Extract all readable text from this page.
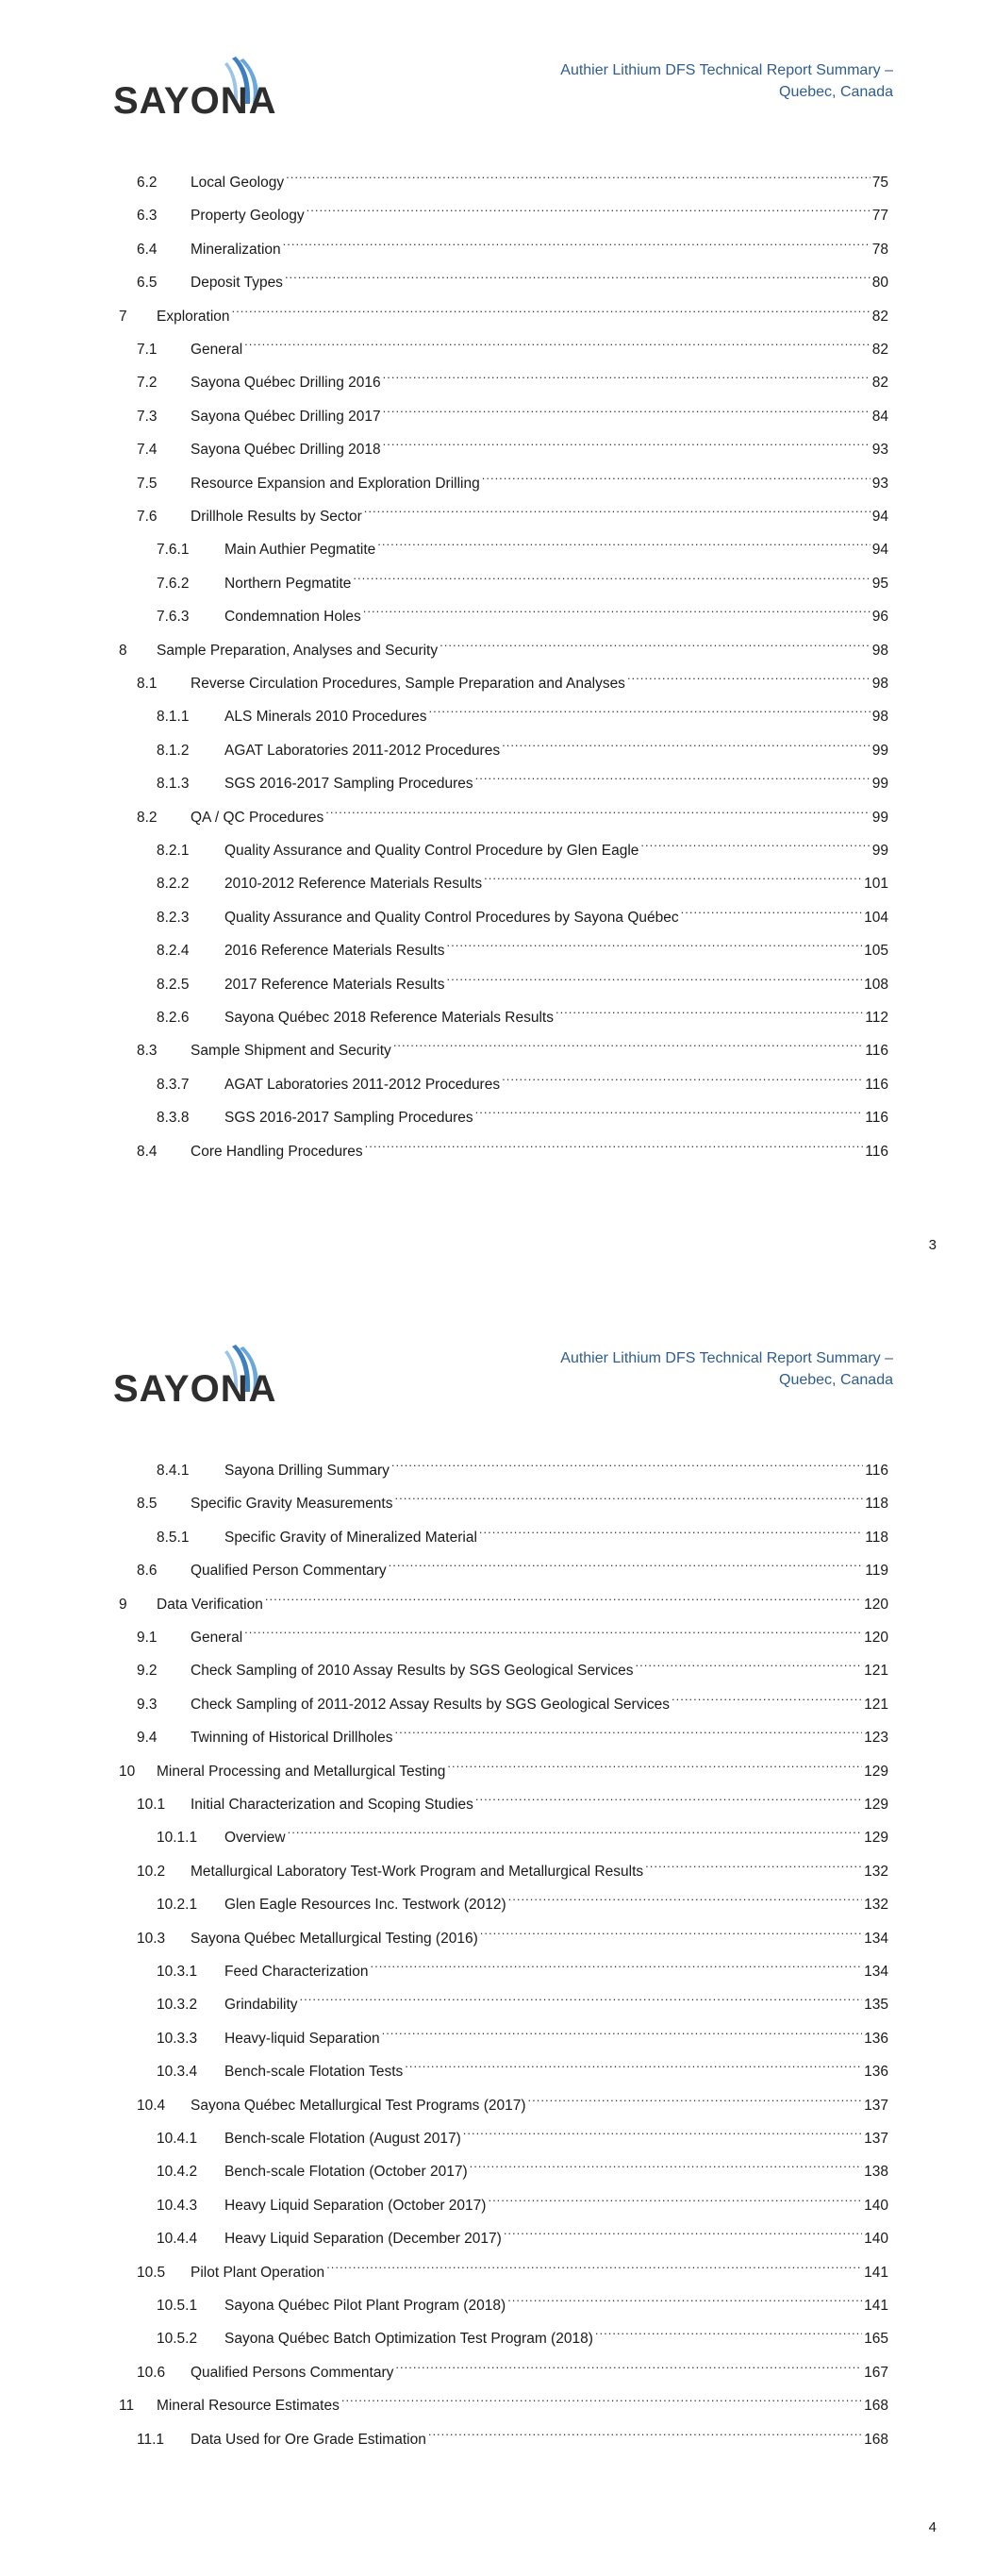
SAYONA
Authier Lithium DFS Technical Report Summary –
Quebec, Canada
6.2	Local Geology .....	75
6.3	Property Geology .....	77
6.4	Mineralization .....	78
6.5	Deposit Types .....	80
7	Exploration .....	82
7.1	General .....	82
7.2	Sayona Québec Drilling 2016 .....	82
7.3	Sayona Québec Drilling 2017 .....	84
7.4	Sayona Québec Drilling 2018 .....	93
7.5	Resource Expansion and Exploration Drilling .....	93
7.6	Drillhole Results by Sector .....	94
7.6.1	Main Authier Pegmatite .....	94
7.6.2	Northern Pegmatite .....	95
7.6.3	Condemnation Holes .....	96
8	Sample Preparation, Analyses and Security .....	98
8.1	Reverse Circulation Procedures, Sample Preparation and Analyses .....	98
8.1.1	ALS Minerals 2010 Procedures .....	98
8.1.2	AGAT Laboratories 2011-2012 Procedures .....	99
8.1.3	SGS 2016-2017 Sampling Procedures .....	99
8.2	QA / QC Procedures .....	99
8.2.1	Quality Assurance and Quality Control Procedure by Glen Eagle .....	99
8.2.2	2010-2012 Reference Materials Results .....	101
8.2.3	Quality Assurance and Quality Control Procedures by Sayona Québec .....	104
8.2.4	2016 Reference Materials Results .....	105
8.2.5	2017 Reference Materials Results .....	108
8.2.6	Sayona Québec 2018 Reference Materials Results .....	112
8.3	Sample Shipment and Security .....	116
8.3.7	AGAT Laboratories 2011-2012 Procedures .....	116
8.3.8	SGS 2016-2017 Sampling Procedures .....	116
8.4	Core Handling Procedures .....	116
3
SAYONA
Authier Lithium DFS Technical Report Summary –
Quebec, Canada
8.4.1	Sayona Drilling Summary .....	116
8.5	Specific Gravity Measurements .....	118
8.5.1	Specific Gravity of Mineralized Material .....	118
8.6	Qualified Person Commentary .....	119
9	Data Verification .....	120
9.1	General .....	120
9.2	Check Sampling of 2010 Assay Results by SGS Geological Services .....	121
9.3	Check Sampling of 2011-2012 Assay Results by SGS Geological Services .....	121
9.4	Twinning of Historical Drillholes .....	123
10	Mineral Processing and Metallurgical Testing .....	129
10.1	Initial Characterization and Scoping Studies .....	129
10.1.1	Overview .....	129
10.2	Metallurgical Laboratory Test-Work Program and Metallurgical Results .....	132
10.2.1	Glen Eagle Resources Inc. Testwork (2012) .....	132
10.3	Sayona Québec Metallurgical Testing (2016) .....	134
10.3.1	Feed Characterization .....	134
10.3.2	Grindability .....	135
10.3.3	Heavy-liquid Separation .....	136
10.3.4	Bench-scale Flotation Tests .....	136
10.4	Sayona Québec Metallurgical Test Programs (2017) .....	137
10.4.1	Bench-scale Flotation (August 2017) .....	137
10.4.2	Bench-scale Flotation (October 2017) .....	138
10.4.3	Heavy Liquid Separation (October 2017) .....	140
10.4.4	Heavy Liquid Separation (December 2017) .....	140
10.5	Pilot Plant Operation .....	141
10.5.1	Sayona Québec Pilot Plant Program (2018) .....	141
10.5.2	Sayona Québec Batch Optimization Test Program (2018) .....	165
10.6	Qualified Persons Commentary .....	167
11	Mineral Resource Estimates .....	168
11.1	Data Used for Ore Grade Estimation .....	168
4
